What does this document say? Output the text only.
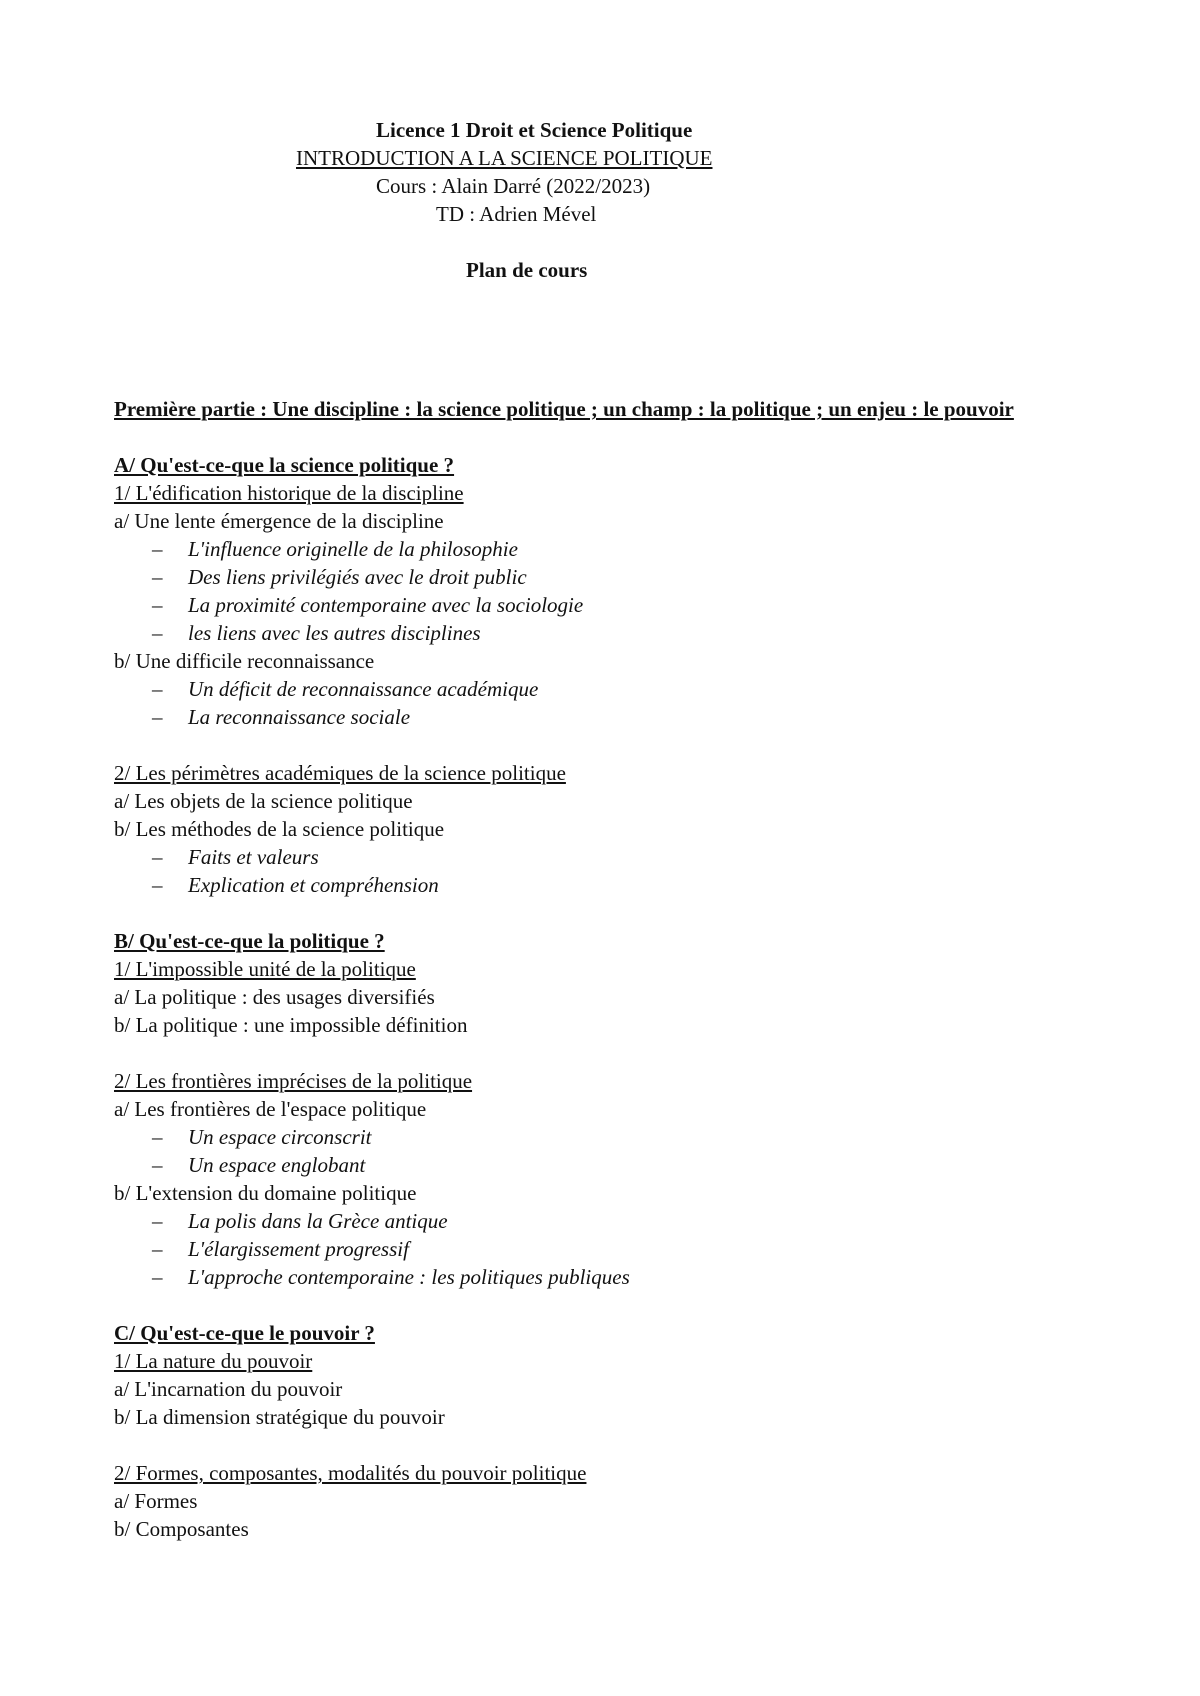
Licence 1 Droit et Science Politique
INTRODUCTION A LA SCIENCE POLITIQUE
Cours : Alain Darré (2022/2023)
TD : Adrien Mével
Plan de cours

Première partie : Une discipline : la science politique ; un champ : la politique ; un enjeu : le pouvoir

A/ Qu'est-ce-que la science politique ?

1/ L'édification historique de la discipline

a/ Une lente émergence de la discipline

– L'influence originelle de la philosophie
– Des liens privilégiés avec le droit public
– La proximité contemporaine avec la sociologie
– les liens avec les autres disciplines

b/ Une difficile reconnaissance

– Un déficit de reconnaissance académique
– La reconnaissance sociale

2/ Les périmètres académiques de la science politique

a/ Les objets de la science politique

b/ Les méthodes de la science politique

– Faits et valeurs
– Explication et compréhension

B/ Qu'est-ce-que la politique ?

1/ L'impossible unité de la politique

a/ La politique : des usages diversifiés

b/ La politique : une impossible définition

2/ Les frontières imprécises de la politique

a/ Les frontières de l'espace politique

– Un espace circonscrit
– Un espace englobant

b/ L'extension du domaine politique

– La polis dans la Grèce antique
– L'élargissement progressif
– L'approche contemporaine : les politiques publiques

C/ Qu'est-ce-que le pouvoir ?

1/ La nature du pouvoir

a/ L'incarnation du pouvoir

b/ La dimension stratégique du pouvoir

2/ Formes, composantes, modalités du pouvoir politique

a/ Formes

b/ Composantes
